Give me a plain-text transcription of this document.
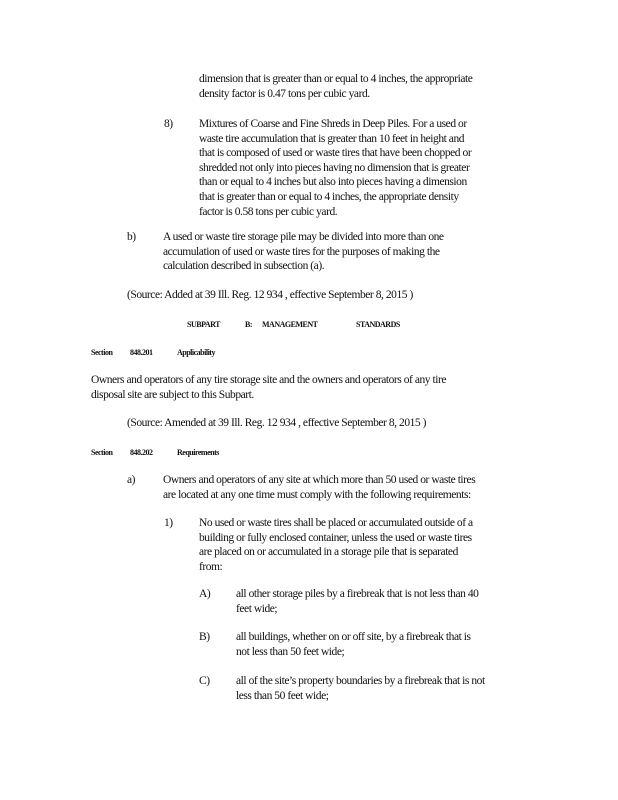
dimension that is greater than or equal to 4 inches, the appropriate
density factor is 0.47 tons per cubic yard.
8) Mixtures of Coarse and Fine Shreds in Deep Piles. For a used or
waste tire accumulation that is greater than 10 feet in height and
that is composed of used or waste tires that have been chopped or
shredded not only into pieces having no dimension that is greater
than or equal to 4 inches but also into pieces having a dimension
that is greater than or equal to 4 inches, the appropriate density
factor is 0.58 tons per cubic yard.
b) A used or waste tire storage pile may be divided into more than one
accumulation of used or waste tires for the purposes of making the
calculation described in subsection (a).
(Source: Added at 39 Ill. Reg. 12 934 , effective September 8, 2015 )
SUBPART	B: MANAGEMENT	STANDARDS
Section 848.201	Applicability
Owners and operators of any tire storage site and the owners and operators of any tire
disposal site are subject to this Subpart.
(Source: Amended at 39 Ill. Reg. 12 934 , effective September 8, 2015 )
Section 848.202	Requirements
a) Owners and operators of any site at which more than 50 used or waste tires
are located at any one time must comply with the following requirements:
1) No used or waste tires shall be placed or accumulated outside of a
building or fully enclosed container, unless the used or waste tires
are placed on or accumulated in a storage pile that is separated
from:
A) all other storage piles by a firebreak that is not less than 40
feet wide;
B) all buildings, whether on or off site, by a firebreak that is
not less than 50 feet wide;
C) all of the site’s property boundaries by a firebreak that is not
less than 50 feet wide;
